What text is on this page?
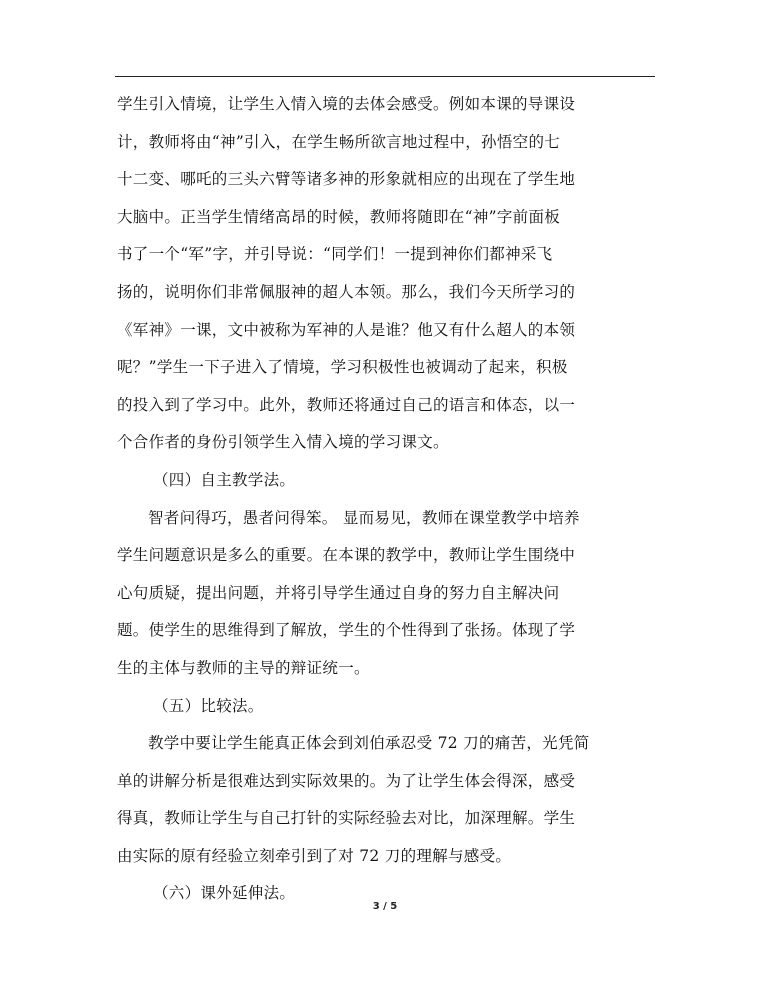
学生引入情境，让学生入情入境的去体会感受。例如本课的导课设
计，教师将由“神”引入，在学生畅所欲言地过程中，孙悟空的七
十二变、哪吒的三头六臂等诸多神的形象就相应的出现在了学生地
大脑中。正当学生情绪高昂的时候，教师将随即在“神”字前面板
书了一个“军”字，并引导说：“同学们！一提到神你们都神采飞
扬的，说明你们非常佩服神的超人本领。那么，我们今天所学习的
《军神》一课，文中被称为军神的人是谁？他又有什么超人的本领
呢？”学生一下子进入了情境，学习积极性也被调动了起来，积极
的投入到了学习中。此外，教师还将通过自己的语言和体态，以一
个合作者的身份引领学生入情入境的学习课文。
（四）自主教学法。
智者问得巧，愚者问得笨。 显而易见，教师在课堂教学中培养
学生问题意识是多么的重要。在本课的教学中，教师让学生围绕中
心句质疑，提出问题，并将引导学生通过自身的努力自主解决问
题。使学生的思维得到了解放，学生的个性得到了张扬。体现了学
生的主体与教师的主导的辩证统一。
（五）比较法。
教学中要让学生能真正体会到刘伯承忍受 72 刀的痛苦，光凭简
单的讲解分析是很难达到实际效果的。为了让学生体会得深，感受
得真，教师让学生与自己打针的实际经验去对比，加深理解。学生
由实际的原有经验立刻牵引到了对 72 刀的理解与感受。
（六）课外延伸法。
3 / 5
